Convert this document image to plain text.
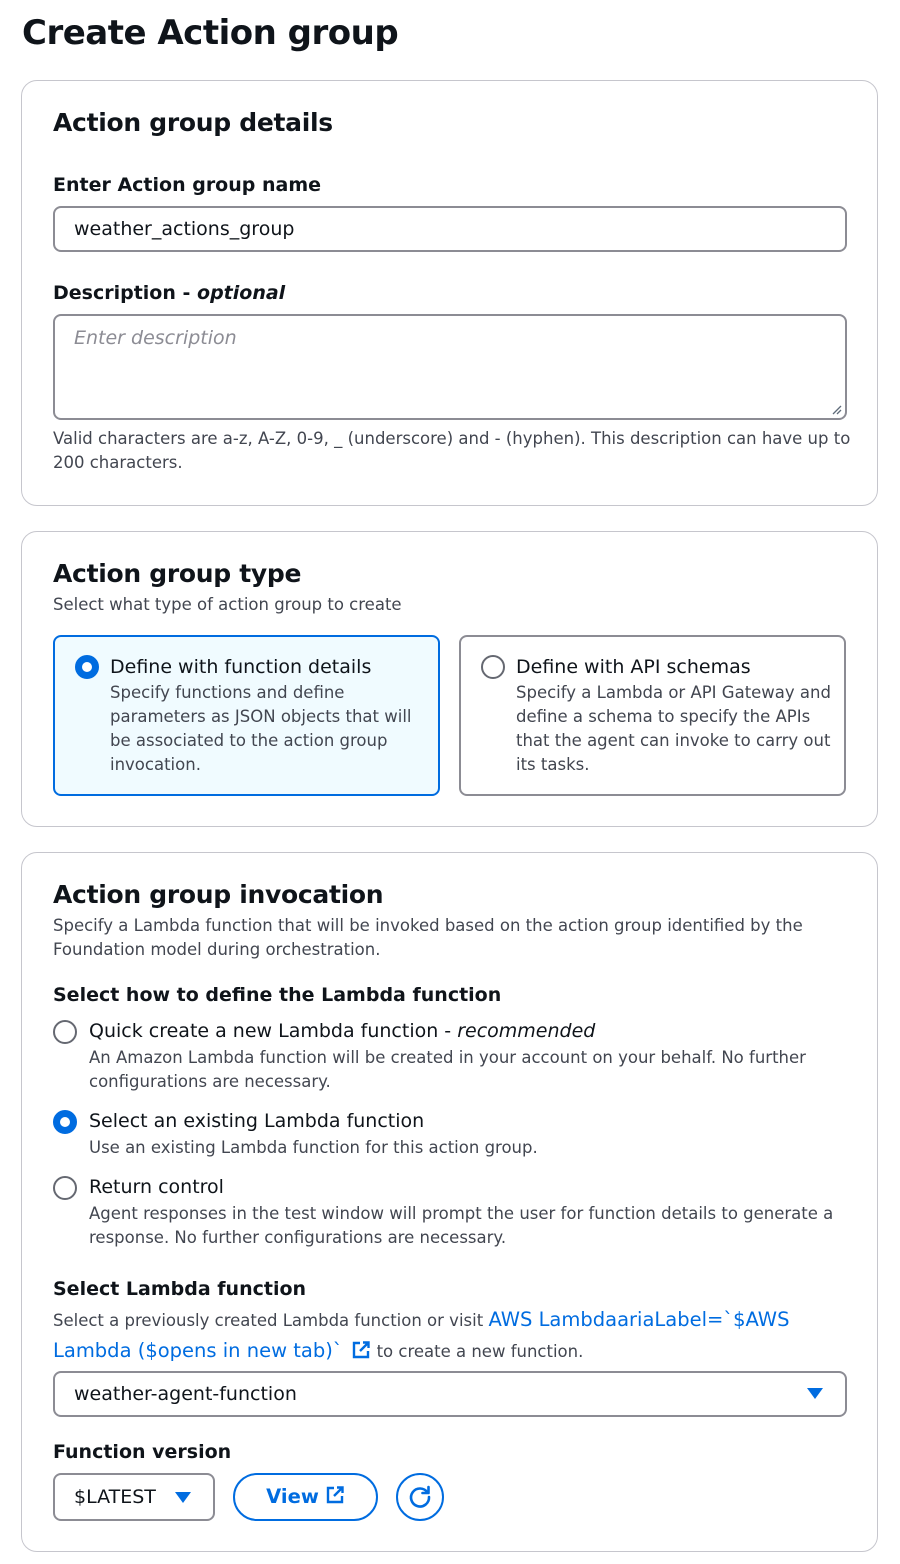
Create Action group
Action group details
Enter Action group name
weather_actions_group
Description - optional
Enter description
Valid characters are a-z, A-Z, 0-9, _ (underscore) and - (hyphen). This description can have up to 200 characters.
Action group type
Select what type of action group to create
Define with function details
Specify functions and define parameters as JSON objects that will be associated to the action group invocation.
Define with API schemas
Specify a Lambda or API Gateway and define a schema to specify the APIs that the agent can invoke to carry out its tasks.
Action group invocation
Specify a Lambda function that will be invoked based on the action group identified by the Foundation model during orchestration.
Select how to define the Lambda function
Quick create a new Lambda function - recommended
An Amazon Lambda function will be created in your account on your behalf. No further configurations are necessary.
Select an existing Lambda function
Use an existing Lambda function for this action group.
Return control
Agent responses in the test window will prompt the user for function details to generate a response. No further configurations are necessary.
Select Lambda function
Select a previously created Lambda function or visit AWS LambdaariaLabel=`$AWS Lambda ($opens in new tab)` to create a new function.
weather-agent-function
Function version
$LATEST	View
